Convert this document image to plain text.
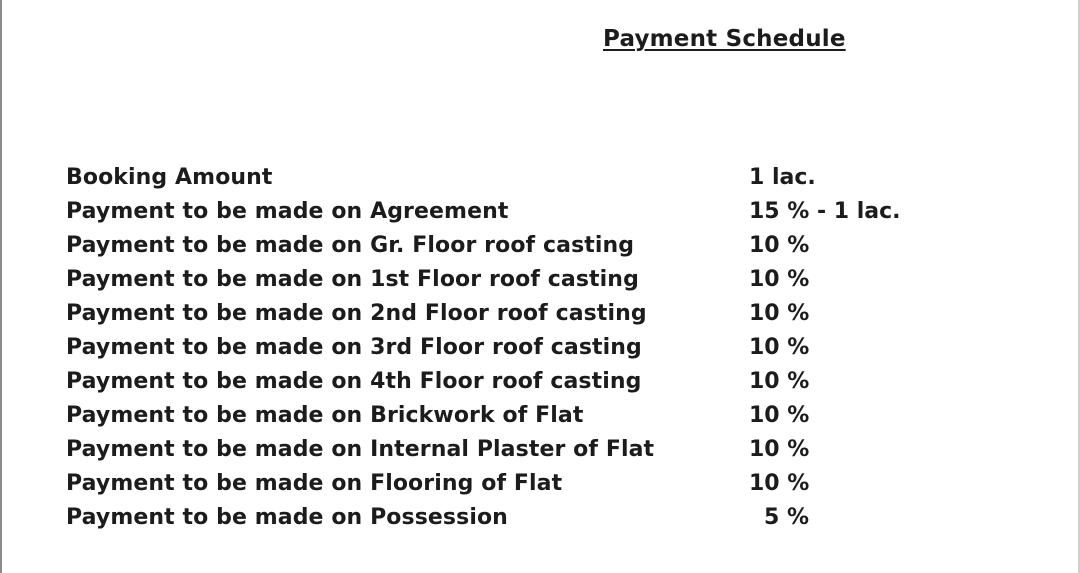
Payment Schedule
Booking Amount	1 lac.
Payment to be made on Agreement	15 % - 1 lac.
Payment to be made on Gr. Floor roof casting	10 %
Payment to be made on 1st Floor roof casting	10 %
Payment to be made on 2nd Floor roof casting	10 %
Payment to be made on 3rd Floor roof casting	10 %
Payment to be made on 4th Floor roof casting	10 %
Payment to be made on Brickwork of Flat	10 %
Payment to be made on Internal Plaster of Flat	10 %
Payment to be made on Flooring of Flat	10 %
Payment to be made on Possession	5 %
